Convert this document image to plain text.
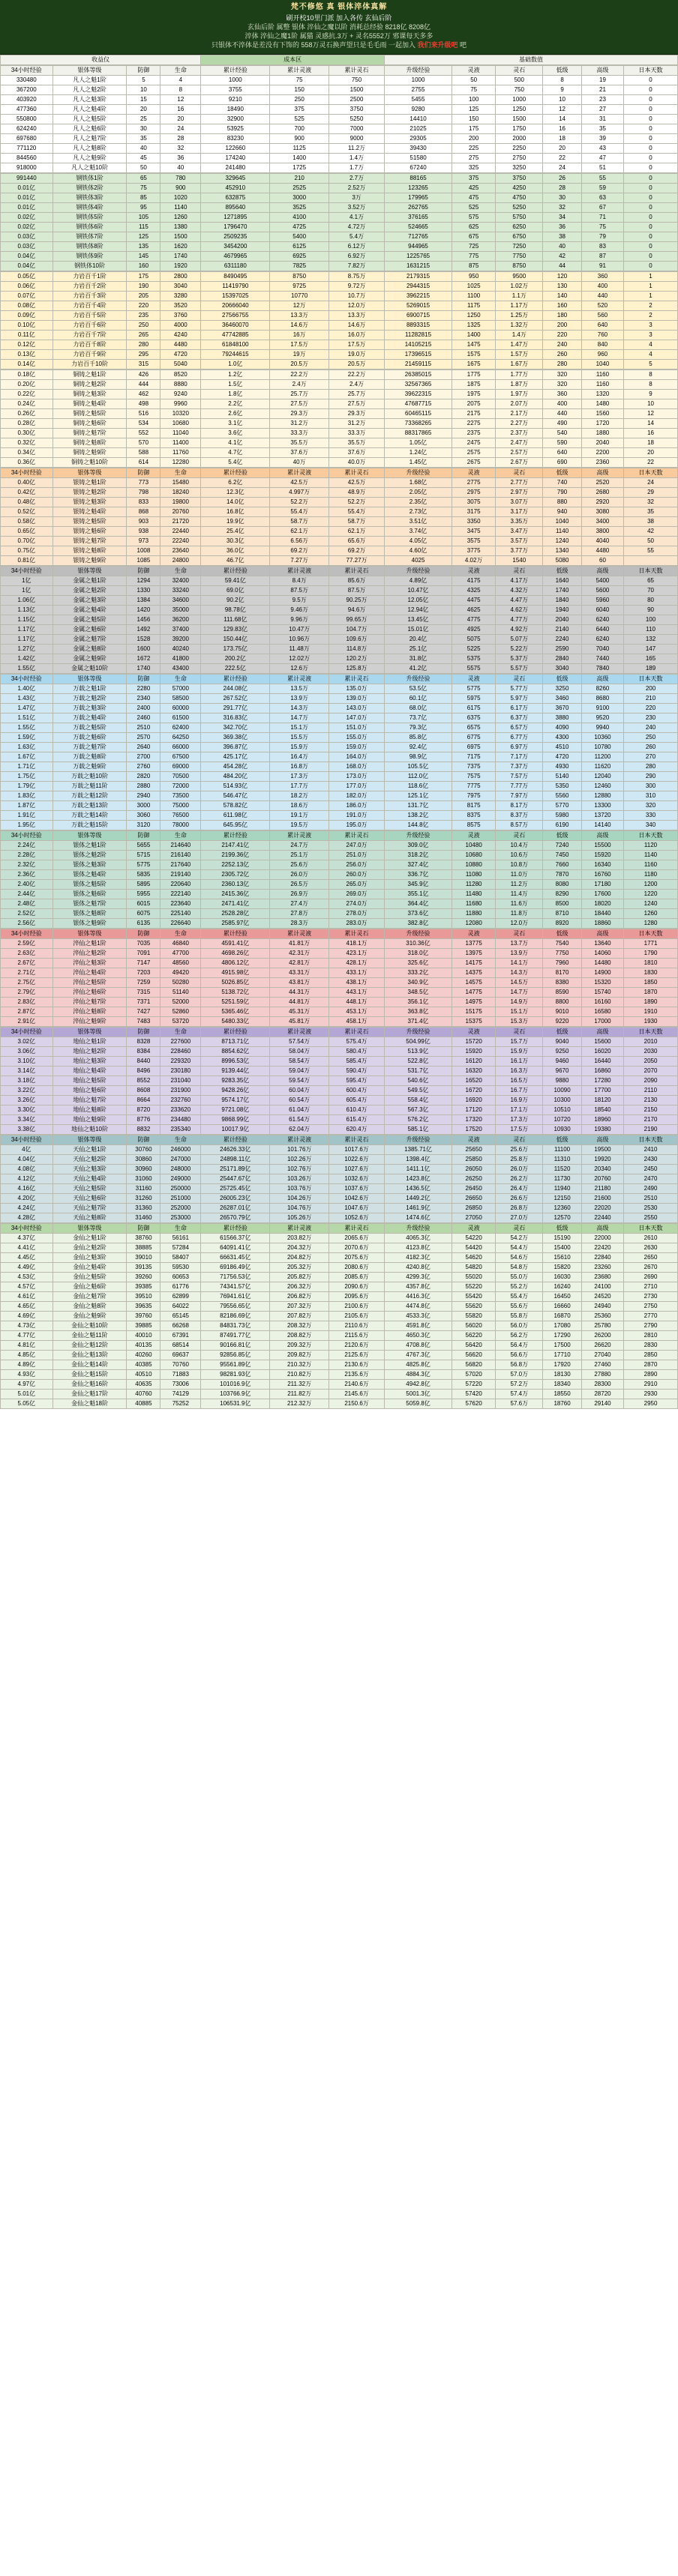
梵不修悠 真 银体淬体真解
刷开校10里门派 加入各传 玄仙后阶
玄仙后阶 属整 银体 淬仙之魔以阶 消耗总经验 8218亿 8208亿
淬体 淬仙之魔1阶 属猫 灵感抗.3万 + 灵名5552万 邪课每天多多
只银体不淬体是差没有下饰的 558万灵石换声望只是毛毛雨 一起加入 我们来升级吧 吧
收益仪	成本区	基础数值
34小时经验	银体等级	防御	生命	累计经验	累计灵液	累计灵石	升级经验	灵液	灵石	低级	高级	日本天数
330480	凡人之魁1阶	5	4	1000	75	750	1000	50	500	8	19	0
367200	凡人之魁2阶	10	8	3755	150	1500	2755	75	750	9	21	0
403920	凡人之魁3阶	15	12	9210	250	2500	5455	100	1000	10	23	0
477360	凡人之魁4阶	20	16	18490	375	3750	9280	125	1250	12	27	0
550800	凡人之魁5阶	25	20	32900	525	5250	14410	150	1500	14	31	0
624240	凡人之魁6阶	30	24	53925	700	7000	21025	175	1750	16	35	0
697680	凡人之魁7阶	35	28	83230	900	9000	29305	200	2000	18	39	0
771120	凡人之魁8阶	40	32	122660	1125	11.2万	39430	225	2250	20	43	0
844560	凡人之魁9阶	45	36	174240	1400	1.4万	51580	275	2750	22	47	0
918000	凡人之魁10阶	50	40	241480	1725	1.7万	67240	325	3250	24	51	0
991440	钢铁体1阶	65	780	329645	210	2.7万	88165	375	3750	26	55	0
0.01亿	钢铁体2阶	75	900	452910	2525	2.52万	123265	425	4250	28	59	0
0.01亿	钢铁体3阶	85	1020	632875	3000	3万	179965	475	4750	30	63	0
0.01亿	钢铁体4阶	95	1140	895640	3525	3.52万	262765	525	5250	32	67	0
0.02亿	钢铁体5阶	105	1260	1271895	4100	4.1万	376165	575	5750	34	71	0
0.02亿	钢铁体6阶	115	1380	1796470	4725	4.72万	524665	625	6250	36	75	0
0.03亿	钢铁体7阶	125	1500	2509235	5400	5.4万	712765	675	6750	38	79	0
0.03亿	钢铁体8阶	135	1620	3454200	6125	6.12万	944965	725	7250	40	83	0
0.04亿	钢铁体9阶	145	1740	4679965	6925	6.92万	1225765	775	7750	42	87	0
0.04亿	钢铁体10阶	160	1920	6311180	7825	7.82万	1631215	875	8750	44	91	0
0.05亿	力岩百千1阶	175	2800	8490495	8750	8.75万	2179315	950	9500	120	360	1
0.06亿	力岩百千2阶	190	3040	11419790	9725	9.72万	2944315	1025	1.02万	130	400	1
0.07亿	力岩百千3阶	205	3280	15397025	10770	10.7万	3962215	1100	1.1万	140	440	1
0.08亿	力岩百千4阶	220	3520	20666040	12万	12.0万	5269015	1175	1.17万	160	520	2
0.09亿	力岩百千5阶	235	3760	27566755	13.3万	13.3万	6900715	1250	1.25万	180	560	2
0.10亿	力岩百千6阶	250	4000	36460070	14.6万	14.6万	8893315	1325	1.32万	200	640	3
0.11亿	力岩百千7阶	265	4240	47742885	16万	16.0万	11282815	1400	1.4万	220	760	3
0.12亿	力岩百千8阶	280	4480	61848100	17.5万	17.5万	14105215	1475	1.47万	240	840	4
0.13亿	力岩百千9阶	295	4720	79244615	19万	19.0万	17396515	1575	1.57万	260	960	4
0.14亿	力岩百千10阶	315	5040	1.0亿	20.5万	20.5万	21459115	1675	1.67万	280	1040	5
0.18亿	铜铸之魁1阶	426	8520	1.2亿	22.2万	22.2万	26385015	1775	1.77万	320	1160	8
0.20亿	铜铸之魁2阶	444	8880	1.5亿	2.4万	2.4万	32567365	1875	1.87万	320	1160	8
0.22亿	铜铸之魁3阶	462	9240	1.8亿	25.7万	25.7万	39622315	1975	1.97万	360	1320	9
0.24亿	铜铸之魁4阶	498	9960	2.2亿	27.5万	27.5万	47687715	2075	2.07万	400	1480	10
0.26亿	铜铸之魁5阶	516	10320	2.6亿	29.3万	29.3万	60465115	2175	2.17万	440	1560	12
0.28亿	铜铸之魁6阶	534	10680	3.1亿	31.2万	31.2万	73368265	2275	2.27万	490	1720	14
0.30亿	铜铸之魁7阶	552	11040	3.6亿	33.3万	33.3万	88317865	2375	2.37万	540	1880	16
0.32亿	铜铸之魁8阶	570	11400	4.1亿	35.5万	35.5万	1.05亿	2475	2.47万	590	2040	18
0.34亿	铜铸之魁9阶	588	11760	4.7亿	37.6万	37.6万	1.24亿	2575	2.57万	640	2200	20
0.36亿	铜铸之魁10阶	614	12280	5.4亿	40万	40.0万	1.45亿	2675	2.67万	690	2360	22
34小时经验	银体等级	防御	生命	累计经验	累计灵液	累计灵石	升级经验	灵液	灵石	低级	高级	日本天数
0.40亿	银铸之魁1阶	773	15480	6.2亿	42.5万	42.5万	1.68亿	2775	2.77万	740	2520	24
0.42亿	银铸之魁2阶	798	18240	12.3亿	4.997万	48.9万	2.05亿	2975	2.97万	790	2680	29
0.48亿	银铸之魁3阶	833	19800	14.0亿	52.2万	52.2万	2.35亿	3075	3.07万	880	2920	32
0.52亿	银铸之魁4阶	868	20760	16.8亿	55.4万	55.4万	2.73亿	3175	3.17万	940	3080	35
0.58亿	银铸之魁5阶	903	21720	19.9亿	58.7万	58.7万	3.51亿	3350	3.35万	1040	3400	38
0.65亿	银铸之魁6阶	938	22440	25.4亿	62.1万	62.1万	3.74亿	3475	3.47万	1140	3800	42
0.70亿	银铸之魁7阶	973	22240	30.3亿	6.56万	65.6万	4.05亿	3575	3.57万	1240	4040	50
0.75亿	银铸之魁8阶	1008	23640	36.0亿	69.2万	69.2万	4.60亿	3775	3.77万	1340	4480	55
0.81亿	银铸之魁9阶	1085	24800	46.7亿	7.27万	77.27万	4025	4.02万	1540	5080	60	
34小时经验	银体等级	防御	生命	累计经验	累计灵液	累计灵石	升级经验	灵液	灵石	低级	高级	日本天数
1亿	金属之魁1阶	1294	32400	59.41亿	8.4万	85.6万	4.89亿	4175	4.17万	1640	5400	65
1亿	金属之魁2阶	1330	33240	69.0亿	87.5万	87.5万	10.47亿	4325	4.32万	1740	5600	70
1.06亿	金属之魁3阶	1384	34600	90.2亿	9.5万	90.25万	12.05亿	4475	4.47万	1840	5960	80
1.13亿	金属之魁4阶	1420	35000	98.78亿	9.46万	94.6万	12.94亿	4625	4.62万	1940	6040	90
1.15亿	金属之魁5阶	1456	36200	111.68亿	9.96万	99.65万	13.45亿	4775	4.77万	2040	6240	100
1.17亿	金属之魁6阶	1492	37400	129.83亿	10.47万	104.7万	15.01亿	4925	4.92万	2140	6440	110
1.17亿	金属之魁7阶	1528	39200	150.44亿	10.96万	109.6万	20.4亿	5075	5.07万	2240	6240	132
1.27亿	金属之魁8阶	1600	40240	173.75亿	11.48万	114.8万	25.1亿	5225	5.22万	2590	7040	147
1.42亿	金属之魁9阶	1672	41800	200.2亿	12.02万	120.2万	31.8亿	5375	5.37万	2840	7440	165
1.55亿	金属之魁10阶	1740	43400	222.5亿	12.6万	125.8万	41.2亿	5575	5.57万	3040	7840	189
34小时经验	银体等级	防御	生命	累计经验	累计灵液	累计灵石	升级经验	灵液	灵石	低级	高级	日本天数
1.40亿	万载之魁1阶	2280	57000	244.08亿	13.5万	135.0万	53.5亿	5775	5.77万	3250	8260	200
1.43亿	万载之魁2阶	2340	58500	267.52亿	13.9万	139.0万	60.1亿	5975	5.97万	3460	8680	210
1.47亿	万载之魁3阶	2400	60000	291.77亿	14.3万	143.0万	68.0亿	6175	6.17万	3670	9100	220
1.51亿	万载之魁4阶	2460	61500	316.83亿	14.7万	147.0万	73.7亿	6375	6.37万	3880	9520	230
1.55亿	万载之魁5阶	2510	62400	342.70亿	15.1万	151.0万	79.3亿	6575	6.57万	4090	9940	240
1.59亿	万载之魁6阶	2570	64250	369.38亿	15.5万	155.0万	85.8亿	6775	6.77万	4300	10360	250
1.63亿	万载之魁7阶	2640	66000	396.87亿	15.9万	159.0万	92.4亿	6975	6.97万	4510	10780	260
1.67亿	万载之魁8阶	2700	67500	425.17亿	16.4万	164.0万	98.9亿	7175	7.17万	4720	11200	270
1.71亿	万载之魁9阶	2760	69000	454.28亿	16.8万	168.0万	105.5亿	7375	7.37万	4930	11620	280
1.75亿	万载之魁10阶	2820	70500	484.20亿	17.3万	173.0万	112.0亿	7575	7.57万	5140	12040	290
1.79亿	万载之魁11阶	2880	72000	514.93亿	17.7万	177.0万	118.6亿	7775	7.77万	5350	12460	300
1.83亿	万载之魁12阶	2940	73500	546.47亿	18.2万	182.0万	125.1亿	7975	7.97万	5560	12880	310
1.87亿	万载之魁13阶	3000	75000	578.82亿	18.6万	186.0万	131.7亿	8175	8.17万	5770	13300	320
1.91亿	万载之魁14阶	3060	76500	611.98亿	19.1万	191.0万	138.2亿	8375	8.37万	5980	13720	330
1.95亿	万载之魁15阶	3120	78000	645.95亿	19.5万	195.0万	144.8亿	8575	8.57万	6190	14140	340
34小时经验	银体等级	防御	生命	累计经验	累计灵液	累计灵石	升级经验	灵液	灵石	低级	高级	日本天数
2.24亿	银体之魁1阶	5655	214640	2147.41亿	24.7万	247.0万	309.0亿	10480	10.4万	7240	15500	1120
2.28亿	银体之魁2阶	5715	216140	2199.36亿	25.1万	251.0万	318.2亿	10680	10.6万	7450	15920	1140
2.32亿	银体之魁3阶	5775	217640	2252.13亿	25.6万	256.0万	327.4亿	10880	10.8万	7660	16340	1160
2.36亿	银体之魁4阶	5835	219140	2305.72亿	26.0万	260.0万	336.7亿	11080	11.0万	7870	16760	1180
2.40亿	银体之魁5阶	5895	220640	2360.13亿	26.5万	265.0万	345.9亿	11280	11.2万	8080	17180	1200
2.44亿	银体之魁6阶	5955	222140	2415.36亿	26.9万	269.0万	355.1亿	11480	11.4万	8290	17600	1220
2.48亿	银体之魁7阶	6015	223640	2471.41亿	27.4万	274.0万	364.4亿	11680	11.6万	8500	18020	1240
2.52亿	银体之魁8阶	6075	225140	2528.28亿	27.8万	278.0万	373.6亿	11880	11.8万	8710	18440	1260
2.56亿	银体之魁9阶	6135	226640	2585.97亿	28.3万	283.0万	382.8亿	12080	12.0万	8920	18860	1280
34小时经验	银体等级	防御	生命	累计经验	累计灵液	累计灵石	升级经验	灵液	灵石	低级	高级	日本天数
2.59亿	淬仙之魁1阶	7035	46840	4591.41亿	41.81万	418.1万	310.36亿	13775	13.7万	7540	13640	1771
2.63亿	淬仙之魁2阶	7091	47700	4698.26亿	42.31万	423.1万	318.0亿	13975	13.9万	7750	14060	1790
2.67亿	淬仙之魁3阶	7147	48560	4806.12亿	42.81万	428.1万	325.6亿	14175	14.1万	7960	14480	1810
2.71亿	淬仙之魁4阶	7203	49420	4915.98亿	43.31万	433.1万	333.2亿	14375	14.3万	8170	14900	1830
2.75亿	淬仙之魁5阶	7259	50280	5026.85亿	43.81万	438.1万	340.9亿	14575	14.5万	8380	15320	1850
2.79亿	淬仙之魁6阶	7315	51140	5138.72亿	44.31万	443.1万	348.5亿	14775	14.7万	8590	15740	1870
2.83亿	淬仙之魁7阶	7371	52000	5251.59亿	44.81万	448.1万	356.1亿	14975	14.9万	8800	16160	1890
2.87亿	淬仙之魁8阶	7427	52860	5365.46亿	45.31万	453.1万	363.8亿	15175	15.1万	9010	16580	1910
2.91亿	淬仙之魁9阶	7483	53720	5480.33亿	45.81万	458.1万	371.4亿	15375	15.3万	9220	17000	1930
34小时经验	银体等级	防御	生命	累计经验	累计灵液	累计灵石	升级经验	灵液	灵石	低级	高级	日本天数
3.02亿	地仙之魁1阶	8328	227600	8713.71亿	57.54万	575.4万	504.99亿	15720	15.7万	9040	15600	2010
3.06亿	地仙之魁2阶	8384	228460	8854.62亿	58.04万	580.4万	513.9亿	15920	15.9万	9250	16020	2030
3.10亿	地仙之魁3阶	8440	229320	8996.53亿	58.54万	585.4万	522.8亿	16120	16.1万	9460	16440	2050
3.14亿	地仙之魁4阶	8496	230180	9139.44亿	59.04万	590.4万	531.7亿	16320	16.3万	9670	16860	2070
3.18亿	地仙之魁5阶	8552	231040	9283.35亿	59.54万	595.4万	540.6亿	16520	16.5万	9880	17280	2090
3.22亿	地仙之魁6阶	8608	231900	9428.26亿	60.04万	600.4万	549.5亿	16720	16.7万	10090	17700	2110
3.26亿	地仙之魁7阶	8664	232760	9574.17亿	60.54万	605.4万	558.4亿	16920	16.9万	10300	18120	2130
3.30亿	地仙之魁8阶	8720	233620	9721.08亿	61.04万	610.4万	567.3亿	17120	17.1万	10510	18540	2150
3.34亿	地仙之魁9阶	8776	234480	9868.99亿	61.54万	615.4万	576.2亿	17320	17.3万	10720	18960	2170
3.38亿	地仙之魁10阶	8832	235340	10017.9亿	62.04万	620.4万	585.1亿	17520	17.5万	10930	19380	2190
34小时经验	银体等级	防御	生命	累计经验	累计灵液	累计灵石	升级经验	灵液	灵石	低级	高级	日本天数
4亿	天仙之魁1阶	30760	246000	24626.33亿	101.76万	1017.6万	1385.71亿	25650	25.6万	11100	19500	2410
4.04亿	天仙之魁2阶	30860	247000	24898.11亿	102.26万	1022.6万	1398.4亿	25850	25.8万	11310	19920	2430
4.08亿	天仙之魁3阶	30960	248000	25171.89亿	102.76万	1027.6万	1411.1亿	26050	26.0万	11520	20340	2450
4.12亿	天仙之魁4阶	31060	249000	25447.67亿	103.26万	1032.6万	1423.8亿	26250	26.2万	11730	20760	2470
4.16亿	天仙之魁5阶	31160	250000	25725.45亿	103.76万	1037.6万	1436.5亿	26450	26.4万	11940	21180	2490
4.20亿	天仙之魁6阶	31260	251000	26005.23亿	104.26万	1042.6万	1449.2亿	26650	26.6万	12150	21600	2510
4.24亿	天仙之魁7阶	31360	252000	26287.01亿	104.76万	1047.6万	1461.9亿	26850	26.8万	12360	22020	2530
4.28亿	天仙之魁8阶	31460	253000	26570.79亿	105.26万	1052.6万	1474.6亿	27050	27.0万	12570	22440	2550
34小时经验	银体等级	防御	生命	累计经验	累计灵液	累计灵石	升级经验	灵液	灵石	低级	高级	日本天数
4.37亿	金仙之魁1阶	38760	56161	61566.37亿	203.82万	2065.6万	4065.3亿	54220	54.2万	15190	22000	2610
4.41亿	金仙之魁2阶	38885	57284	64091.41亿	204.32万	2070.6万	4123.8亿	54420	54.4万	15400	22420	2630
4.45亿	金仙之魁3阶	39010	58407	66631.45亿	204.82万	2075.6万	4182.3亿	54620	54.6万	15610	22840	2650
4.49亿	金仙之魁4阶	39135	59530	69186.49亿	205.32万	2080.6万	4240.8亿	54820	54.8万	15820	23260	2670
4.53亿	金仙之魁5阶	39260	60653	71756.53亿	205.82万	2085.6万	4299.3亿	55020	55.0万	16030	23680	2690
4.57亿	金仙之魁6阶	39385	61776	74341.57亿	206.32万	2090.6万	4357.8亿	55220	55.2万	16240	24100	2710
4.61亿	金仙之魁7阶	39510	62899	76941.61亿	206.82万	2095.6万	4416.3亿	55420	55.4万	16450	24520	2730
4.65亿	金仙之魁8阶	39635	64022	79556.65亿	207.32万	2100.6万	4474.8亿	55620	55.6万	16660	24940	2750
4.69亿	金仙之魁9阶	39760	65145	82186.69亿	207.82万	2105.6万	4533.3亿	55820	55.8万	16870	25360	2770
4.73亿	金仙之魁10阶	39885	66268	84831.73亿	208.32万	2110.6万	4591.8亿	56020	56.0万	17080	25780	2790
4.77亿	金仙之魁11阶	40010	67391	87491.77亿	208.82万	2115.6万	4650.3亿	56220	56.2万	17290	26200	2810
4.81亿	金仙之魁12阶	40135	68514	90166.81亿	209.32万	2120.6万	4708.8亿	56420	56.4万	17500	26620	2830
4.85亿	金仙之魁13阶	40260	69637	92856.85亿	209.82万	2125.6万	4767.3亿	56620	56.6万	17710	27040	2850
4.89亿	金仙之魁14阶	40385	70760	95561.89亿	210.32万	2130.6万	4825.8亿	56820	56.8万	17920	27460	2870
4.93亿	金仙之魁15阶	40510	71883	98281.93亿	210.82万	2135.6万	4884.3亿	57020	57.0万	18130	27880	2890
4.97亿	金仙之魁16阶	40635	73006	101016.9亿	211.32万	2140.6万	4942.8亿	57220	57.2万	18340	28300	2910
5.01亿	金仙之魁17阶	40760	74129	103766.9亿	211.82万	2145.6万	5001.3亿	57420	57.4万	18550	28720	2930
5.05亿	金仙之魁18阶	40885	75252	106531.9亿	212.32万	2150.6万	5059.8亿	57620	57.6万	18760	29140	2950
